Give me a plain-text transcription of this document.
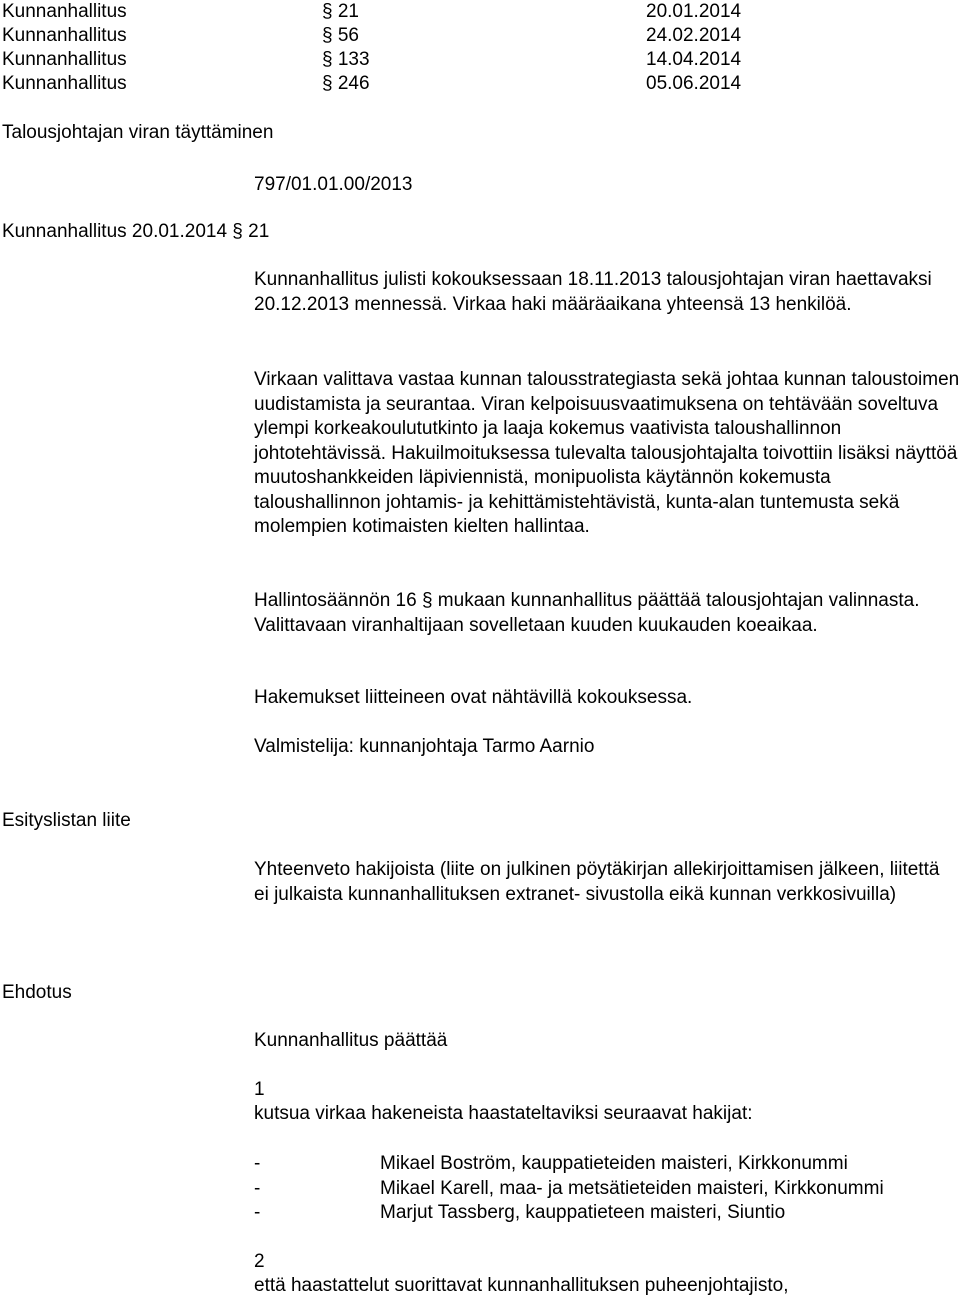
Kunnanhallitus	§ 21	20.01.2014
Kunnanhallitus	§ 56	24.02.2014
Kunnanhallitus	§ 133	14.04.2014
Kunnanhallitus	§ 246	05.06.2014
Talousjohtajan viran täyttäminen
797/01.01.00/2013
Kunnanhallitus 20.01.2014 § 21
Kunnanhallitus julisti kokouksessaan 18.11.2013 talousjohtajan viran haettavaksi 20.12.2013 mennessä. Virkaa haki määräaikana yhteensä 13 henkilöä.
Virkaan valittava vastaa kunnan talousstrategiasta sekä johtaa kunnan taloustoimen uudistamista ja seurantaa. Viran kelpoisuusvaatimuksena on tehtävään soveltuva ylempi korkeakoulututkinto ja laaja kokemus vaativista taloushallinnon johtotehtävissä. Hakuilmoituksessa tulevalta talousjohtajalta toivottiin lisäksi näyttöä muutoshankkeiden läpiviennistä, monipuolista käytännön kokemusta taloushallinnon johtamis- ja kehittämistehtävistä, kunta-alan tuntemusta sekä molempien kotimaisten kielten hallintaa.
Hallintosäännön 16 § mukaan kunnanhallitus päättää talousjohtajan valinnasta. Valittavaan viranhaltijaan sovelletaan kuuden kuukauden koeaikaa.
Hakemukset liitteineen ovat nähtävillä kokouksessa.
Valmistelija: kunnanjohtaja Tarmo Aarnio
Esityslistan liite
Yhteenveto hakijoista (liite on julkinen pöytäkirjan allekirjoittamisen jälkeen, liitettä ei julkaista kunnanhallituksen extranet- sivustolla eikä kunnan verkkosivuilla)
Ehdotus
Kunnanhallitus päättää
1
kutsua virkaa hakeneista haastateltaviksi seuraavat hakijat:
-	Mikael Boström, kauppatieteiden maisteri, Kirkkonummi
-	Mikael Karell, maa- ja metsätieteiden maisteri, Kirkkonummi
-	Marjut Tassberg, kauppatieteen maisteri, Siuntio
2
että haastattelut suorittavat kunnanhallituksen puheenjohtajisto,
